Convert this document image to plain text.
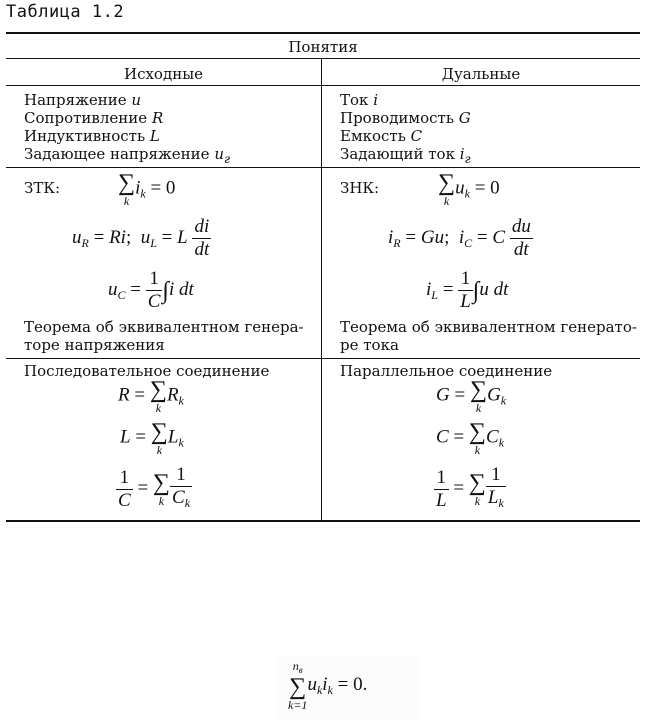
Таблица 1.2
Понятия
Исходные	Дуальные
Напряжение u
Сопротивление R
Индуктивность L
Задающее напряжение $u_г$
Ток i
Проводимость G
Емкость C
Задающий ток $i_г$
ЗТК: ∑
k
$i_k = 0$
$u_R = Ri$;  $u_L = L \frac{di}{dt}$
$u_C = \frac{1}{C} \int i$ dt
Теорема об эквивалентном генера-
торе напряжения
ЗНК: ∑
k
$u_k = 0$
$i_R = Gu$;  $i_C = C \frac{du}{dt}$
$i_L = \frac{1}{L} \int u$ dt
Теорема об эквивалентном генерато-
ре тока
Последовательное соединение
R = ∑
k
$R_k$
L = ∑
k
$L_k$
$\frac{1}{C}$ = ∑
k $\frac{1}{C_k}$
Параллельное соединение
G = ∑
k
$G_k$
C = ∑
k
$C_k$
$\frac{1}{L}$ = ∑
k $\frac{1}{L_k}$
$n_в$
∑
k=1
$u_ki_k = 0$.
